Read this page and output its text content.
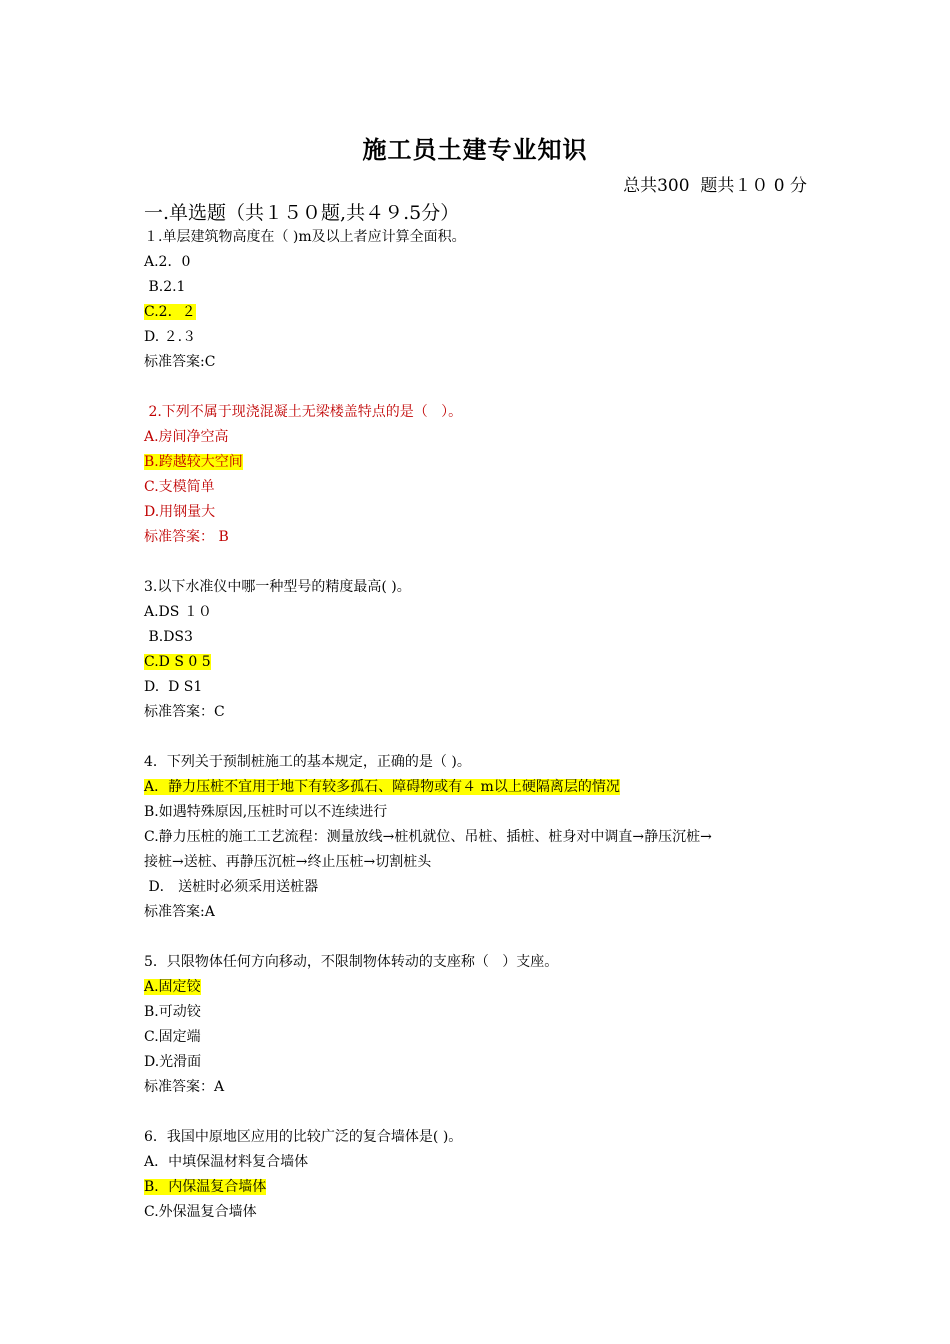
施工员土建专业知识
总共300  题共１０ 0 分
一.单选题（共１５０题,共４９.5分）
１.单层建筑物高度在（ )m及以上者应计算全面积。
A.2．0
B.2.1
C.2．２
D. ２.３
标准答案:C
2.下列不属于现浇混凝土无梁楼盖特点的是（   ）。
A.房间净空高
B.跨越较大空间
C.支模简单
D.用钢量大
标准答案： B
3.以下水准仪中哪一种型号的精度最高( )。
A.DS １０
B.DS3
C.D S 0 5
D.  D S1
标准答案：C
4．下列关于预制桩施工的基本规定，正确的是（ )。
A．静力压桩不宜用于地下有较多孤石、障碍物或有４ m以上硬隔离层的情况
B.如遇特殊原因,压桩时可以不连续进行
C.静力压桩的施工工艺流程：测量放线→桩机就位、吊桩、插桩、桩身对中调直→静压沉桩→
接桩→送桩、再静压沉桩→终止压桩→切割桩头
D． 送桩时必须采用送桩器
标准答案:A
5．只限物体任何方向移动，不限制物体转动的支座称（   ）支座。
A.固定铰
B.可动铰
C.固定端
D.光滑面
标准答案：A
6．我国中原地区应用的比较广泛的复合墙体是( )。
A．中填保温材料复合墙体
B．内保温复合墙体
C.外保温复合墙体
